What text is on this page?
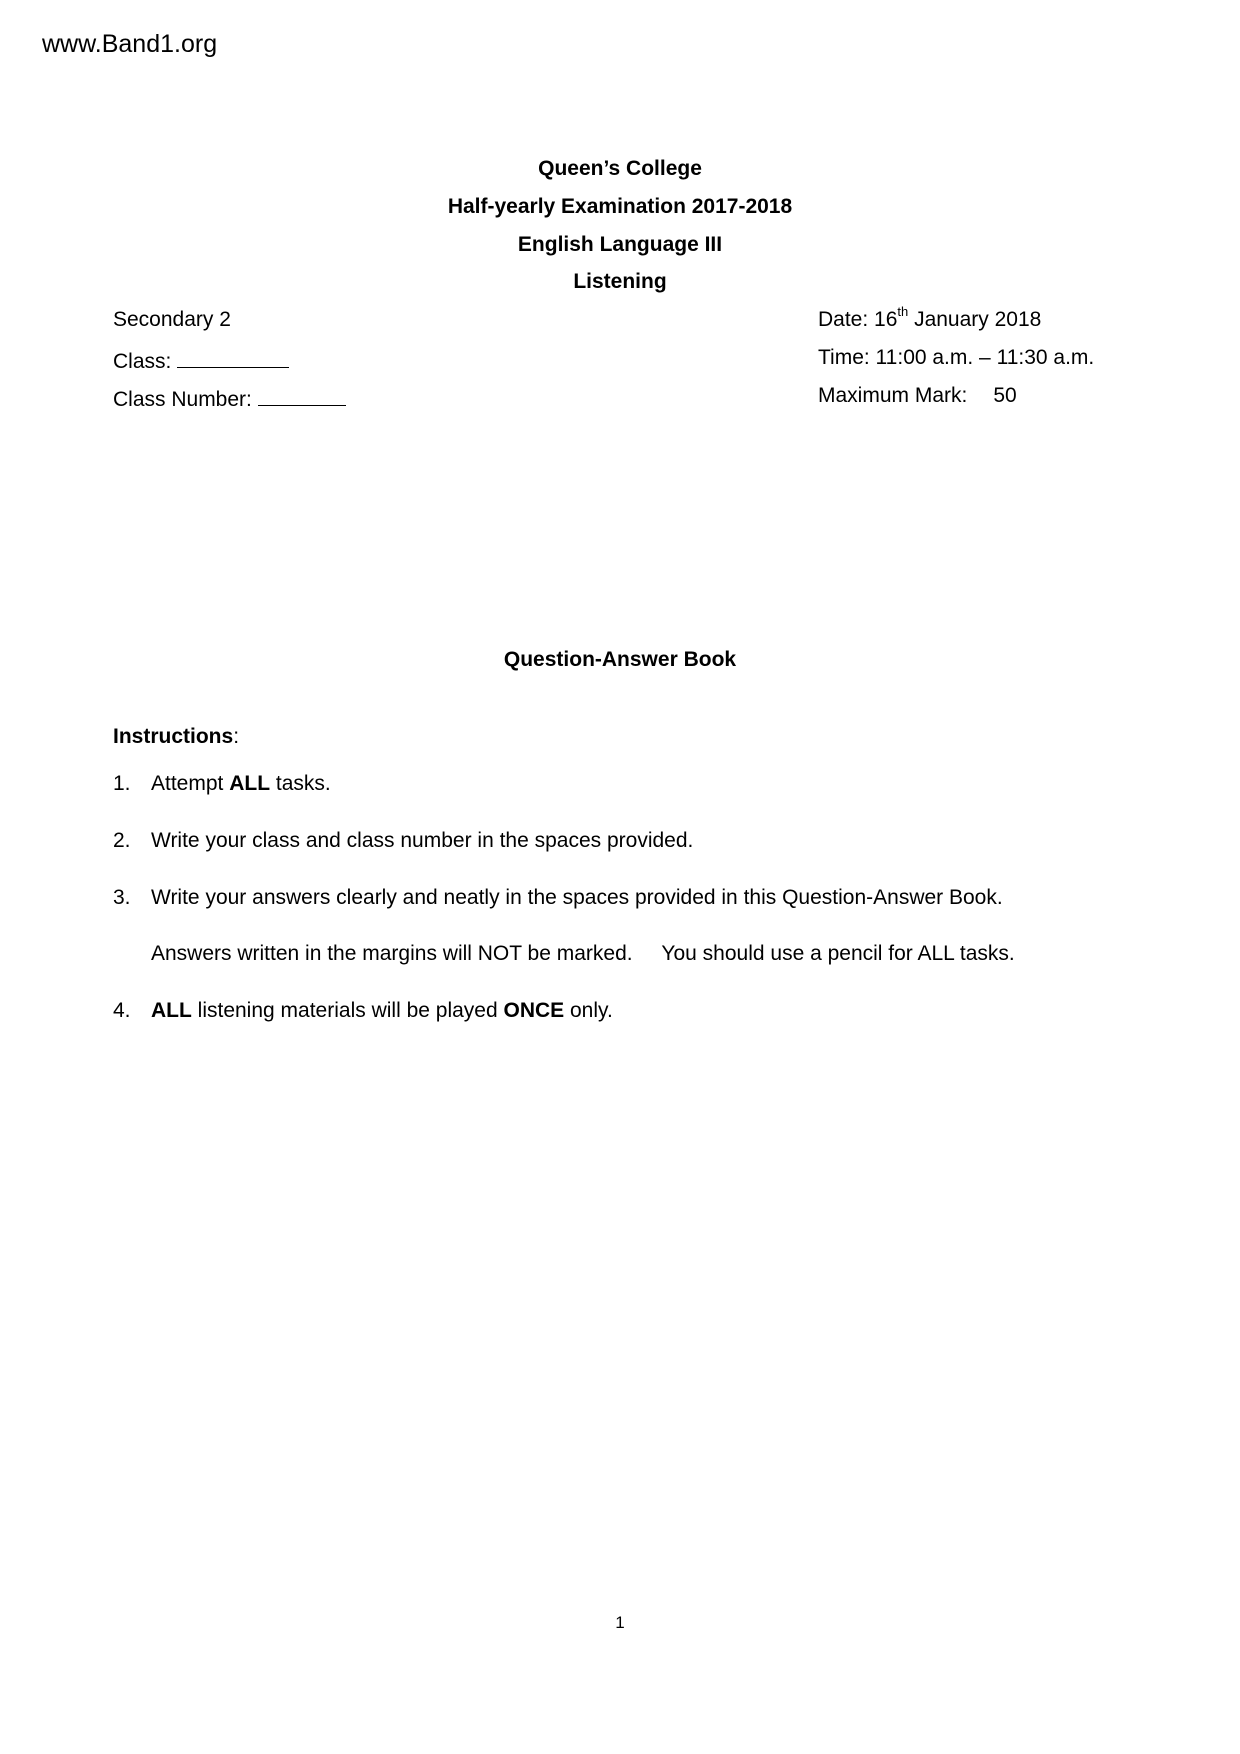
www.Band1.org
Queen’s College
Half-yearly Examination 2017-2018
English Language III
Listening
Secondary 2
Class:
Class Number:
Date: 16th January 2018
Time: 11:00 a.m. – 11:30 a.m.
Maximum Mark: 50
Question-Answer Book
Instructions:
1. Attempt ALL tasks.
2. Write your class and class number in the spaces provided.
3. Write your answers clearly and neatly in the spaces provided in this Question-Answer Book.
Answers written in the margins will NOT be marked.     You should use a pencil for ALL tasks.
4. ALL listening materials will be played ONCE only.
1
